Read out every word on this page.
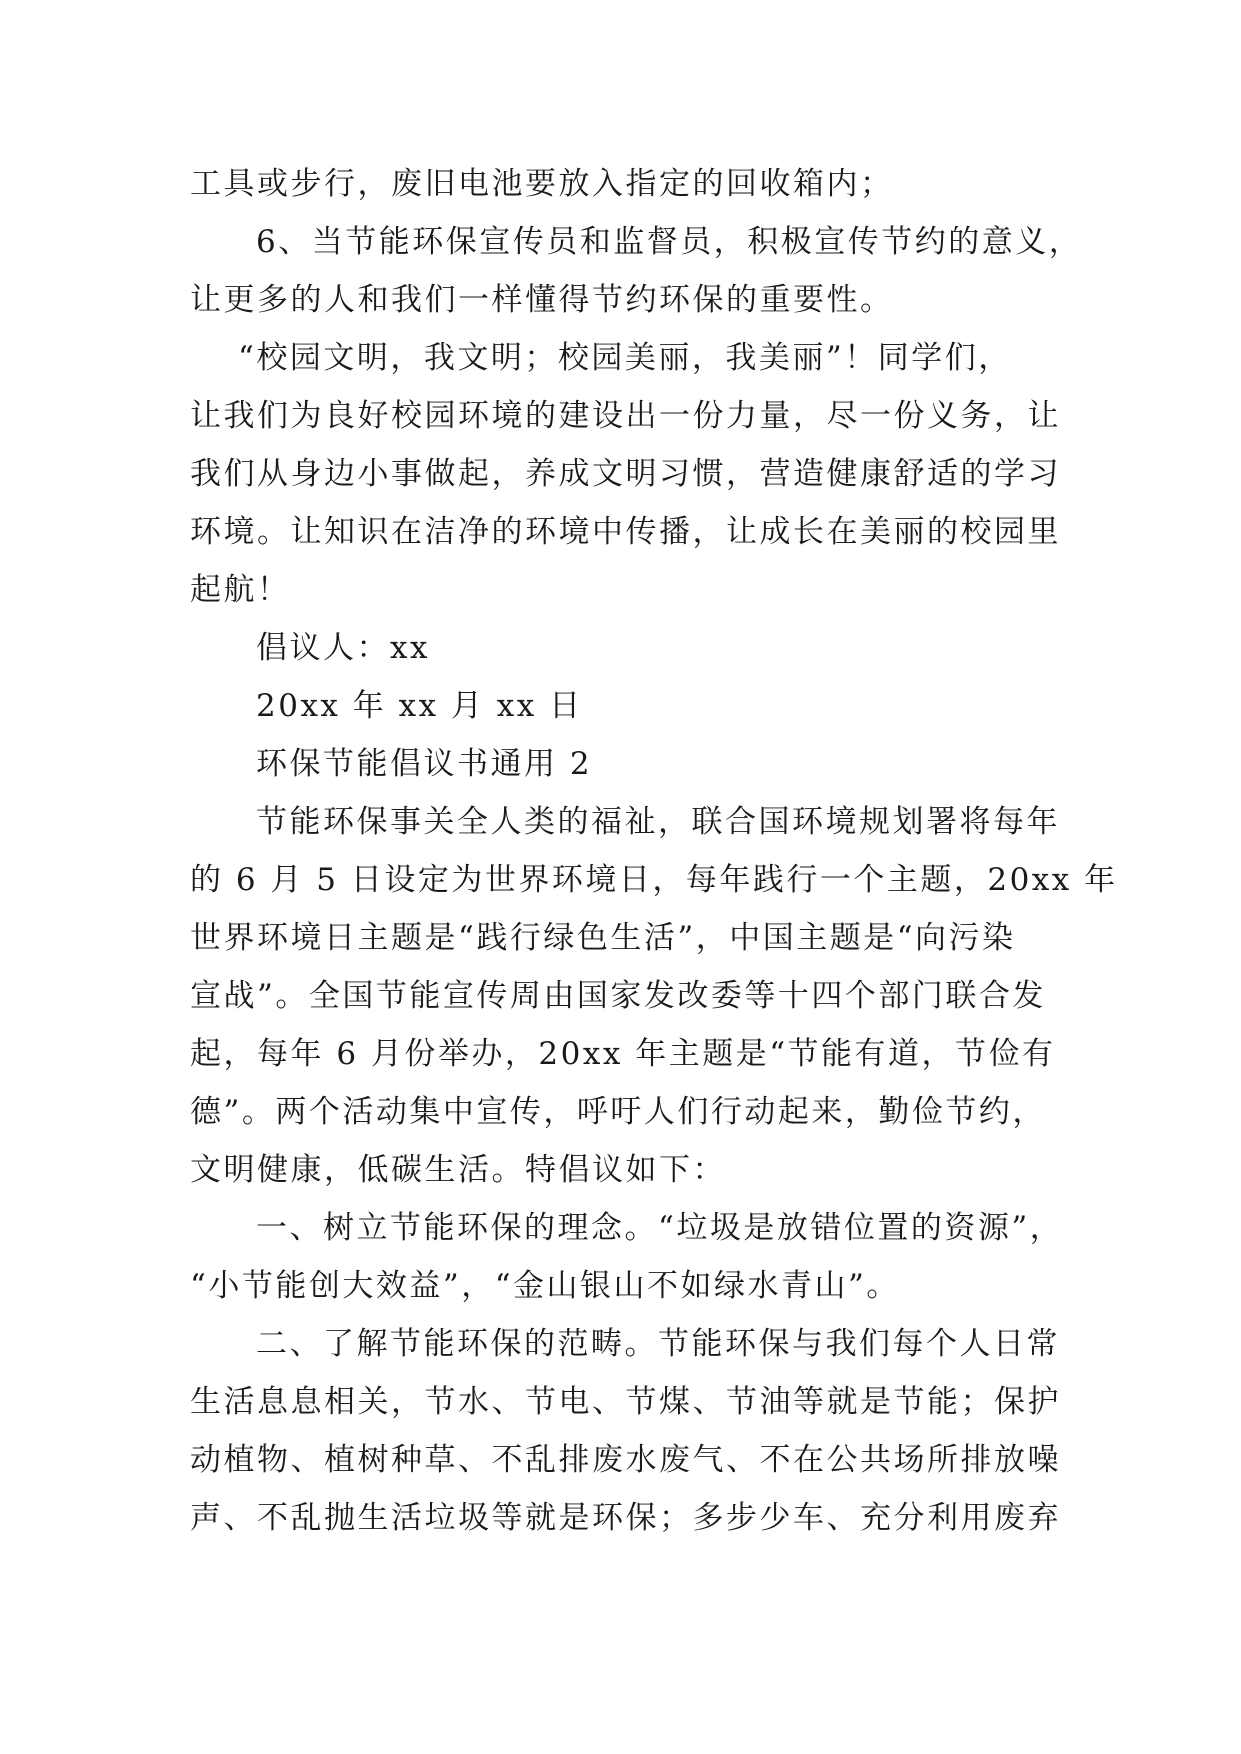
工具或步行，废旧电池要放入指定的回收箱内；
6、当节能环保宣传员和监督员，积极宣传节约的意义，
让更多的人和我们一样懂得节约环保的重要性。
“校园文明，我文明；校园美丽，我美丽”！同学们，
让我们为良好校园环境的建设出一份力量，尽一份义务，让
我们从身边小事做起，养成文明习惯，营造健康舒适的学习
环境。让知识在洁净的环境中传播，让成长在美丽的校园里
起航！
倡议人：xx
20xx 年 xx 月 xx 日
环保节能倡议书通用 2
节能环保事关全人类的福祉，联合国环境规划署将每年
的 6 月 5 日设定为世界环境日，每年践行一个主题，20xx 年
世界环境日主题是“践行绿色生活”，中国主题是“向污染
宣战”。全国节能宣传周由国家发改委等十四个部门联合发
起，每年 6 月份举办，20xx 年主题是“节能有道，节俭有
德”。两个活动集中宣传，呼吁人们行动起来，勤俭节约，
文明健康，低碳生活。特倡议如下：
一、树立节能环保的理念。“垃圾是放错位置的资源”，
“小节能创大效益”，“金山银山不如绿水青山”。
二、了解节能环保的范畴。节能环保与我们每个人日常
生活息息相关，节水、节电、节煤、节油等就是节能；保护
动植物、植树种草、不乱排废水废气、不在公共场所排放噪
声、不乱抛生活垃圾等就是环保；多步少车、充分利用废弃
